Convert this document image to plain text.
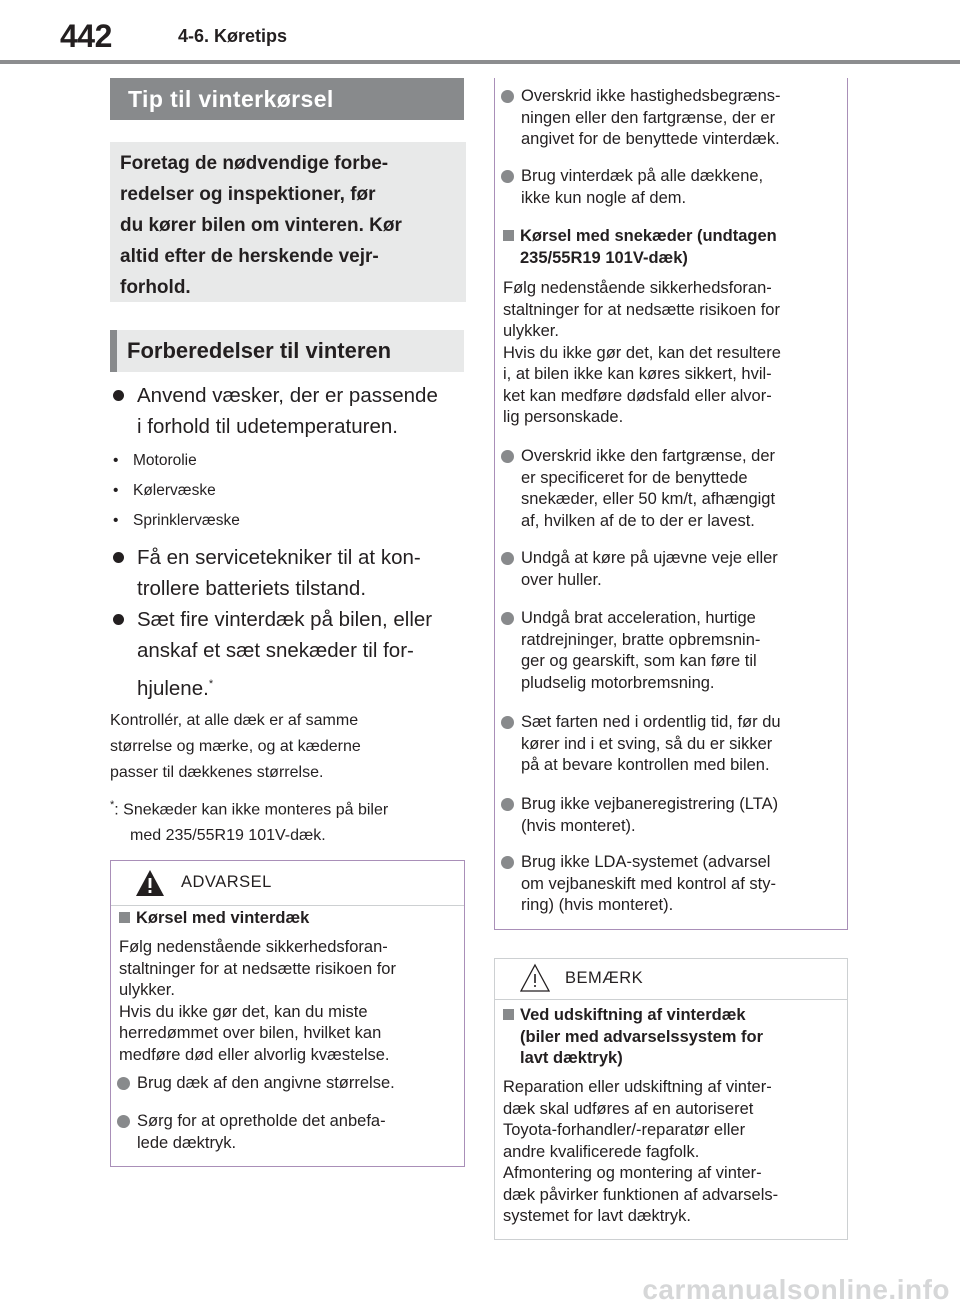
442	4-6. Køretips
Tip til vinterkørsel
Foretag de nødvendige forbe-
redelser og inspektioner, før
du kører bilen om vinteren. Kør
altid efter de herskende vejr-
forhold.
Forberedelser til vinteren
Anvend væsker, der er passende
i forhold til udetemperaturen.
• Motorolie
• Kølervæske
• Sprinklervæske
Få en servicetekniker til at kon-
trollere batteriets tilstand.
Sæt fire vinterdæk på bilen, eller
anskaf et sæt snekæder til for-
hjulene.*
Kontrollér, at alle dæk er af samme
størrelse og mærke, og at kæderne
passer til dækkenes størrelse.
*: Snekæder kan ikke monteres på biler
med 235/55R19 101V-dæk.
ADVARSEL
Kørsel med vinterdæk
Følg nedenstående sikkerhedsforan-
staltninger for at nedsætte risikoen for
ulykker.
Hvis du ikke gør det, kan du miste
herredømmet over bilen, hvilket kan
medføre død eller alvorlig kvæstelse.
Brug dæk af den angivne størrelse.
Sørg for at opretholde det anbefa-
lede dæktryk.
Overskrid ikke hastighedsbegræns-
ningen eller den fartgrænse, der er
angivet for de benyttede vinterdæk.
Brug vinterdæk på alle dækkene,
ikke kun nogle af dem.
Kørsel med snekæder (undtagen
235/55R19 101V-dæk)
Følg nedenstående sikkerhedsforan-
staltninger for at nedsætte risikoen for
ulykker.
Hvis du ikke gør det, kan det resultere
i, at bilen ikke kan køres sikkert, hvil-
ket kan medføre dødsfald eller alvor-
lig personskade.
Overskrid ikke den fartgrænse, der
er specificeret for de benyttede
snekæder, eller 50 km/t, afhængigt
af, hvilken af de to der er lavest.
Undgå at køre på ujævne veje eller
over huller.
Undgå brat acceleration, hurtige
ratdrejninger, bratte opbremsnin-
ger og gearskift, som kan føre til
pludselig motorbremsning.
Sæt farten ned i ordentlig tid, før du
kører ind i et sving, så du er sikker
på at bevare kontrollen med bilen.
Brug ikke vejbaneregistrering (LTA)
(hvis monteret).
Brug ikke LDA-systemet (advarsel
om vejbaneskift med kontrol af sty-
ring) (hvis monteret).
BEMÆRK
Ved udskiftning af vinterdæk
(biler med advarselssystem for
lavt dæktryk)
Reparation eller udskiftning af vinter-
dæk skal udføres af en autoriseret
Toyota-forhandler/-reparatør eller
andre kvalificerede fagfolk.
Afmontering og montering af vinter-
dæk påvirker funktionen af advarsels-
systemet for lavt dæktryk.
carmanualsonline.info
